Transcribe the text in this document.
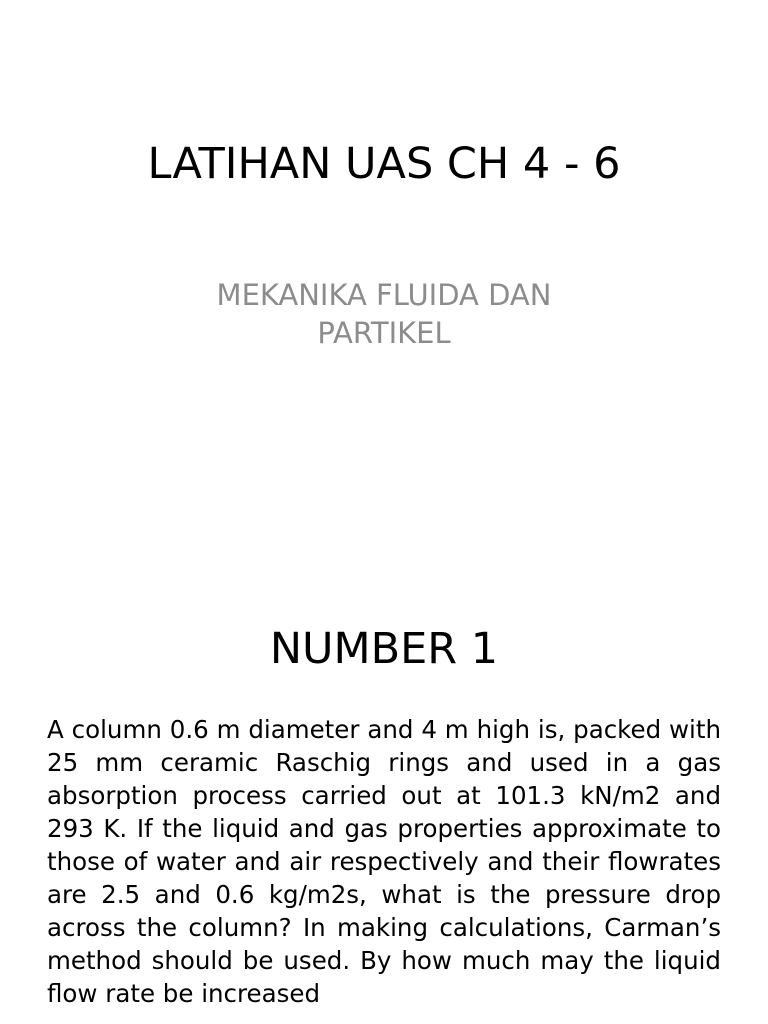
LATIHAN UAS CH 4 - 6
MEKANIKA FLUIDA DAN PARTIKEL
NUMBER 1

A column 0.6 m diameter and 4 m high is, packed with 25 mm ceramic Raschig rings and used in a gas absorption process carried out at 101.3 kN/m2 and 293 K. If the liquid and gas properties approximate to those of water and air respectively and their flowrates are 2.5 and 0.6 kg/m2s, what is the pressure drop across the column? In making calculations, Carman’s method should be used. By how much may the liquid flow rate be increased
